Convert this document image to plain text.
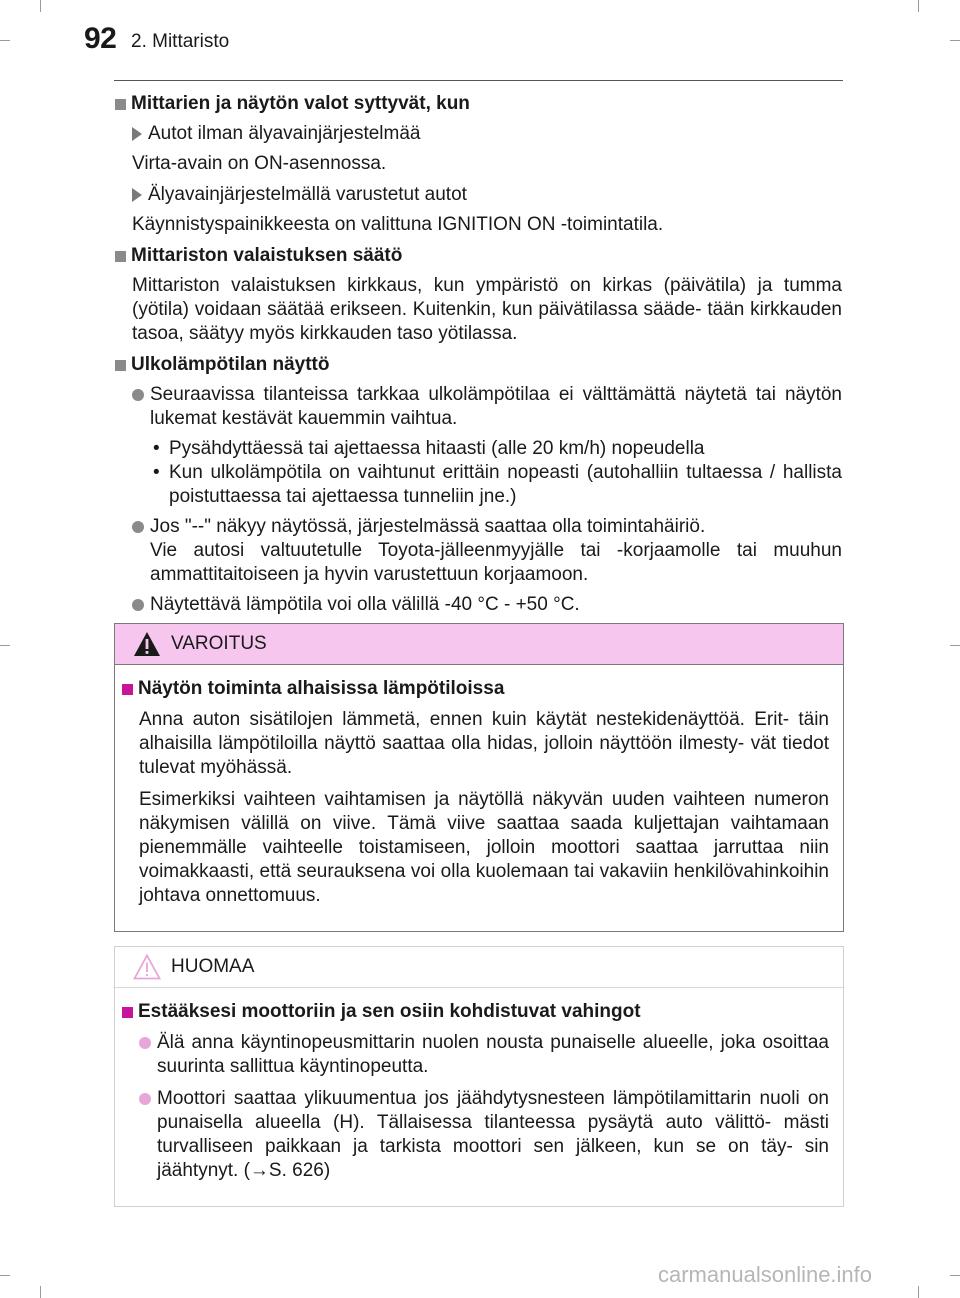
92 2. Mittaristo
Mittarien ja näytön valot syttyvät, kun
Autot ilman älyavainjärjestelmää
Virta-avain on ON-asennossa.
Älyavainjärjestelmällä varustetut autot
Käynnistyspainikkeesta on valittuna IGNITION ON -toimintatila.
Mittariston valaistuksen säätö
Mittariston valaistuksen kirkkaus, kun ympäristö on kirkas (päivätila) ja tumma (yötila) voidaan säätää erikseen. Kuitenkin, kun päivätilassa sääde- tään kirkkauden tasoa, säätyy myös kirkkauden taso yötilassa.
Ulkolämpötilan näyttö
Seuraavissa tilanteissa tarkkaa ulkolämpötilaa ei välttämättä näytetä tai näytön lukemat kestävät kauemmin vaihtua.
• Pysähdyttäessä tai ajettaessa hitaasti (alle 20 km/h) nopeudella
• Kun ulkolämpötila on vaihtunut erittäin nopeasti (autohalliin tultaessa / hallista poistuttaessa tai ajettaessa tunneliin jne.)
Jos "--" näkyy näytössä, järjestelmässä saattaa olla toimintahäiriö.
Vie autosi valtuutetulle Toyota-jälleenmyyjälle tai -korjaamolle tai muuhun ammattitaitoiseen ja hyvin varustettuun korjaamoon.
Näytettävä lämpötila voi olla välillä -40 °C - +50 °C.
VAROITUS
Näytön toiminta alhaisissa lämpötiloissa
Anna auton sisätilojen lämmetä, ennen kuin käytät nestekidenäyttöä. Erit- täin alhaisilla lämpötiloilla näyttö saattaa olla hidas, jolloin näyttöön ilmesty- vät tiedot tulevat myöhässä.
Esimerkiksi vaihteen vaihtamisen ja näytöllä näkyvän uuden vaihteen numeron näkymisen välillä on viive. Tämä viive saattaa saada kuljettajan vaihtamaan pienemmälle vaihteelle toistamiseen, jolloin moottori saattaa jarruttaa niin voimakkaasti, että seurauksena voi olla kuolemaan tai vakaviin henkilövahinkoihin johtava onnettomuus.
HUOMAA
Estääksesi moottoriin ja sen osiin kohdistuvat vahingot
Älä anna käyntinopeusmittarin nuolen nousta punaiselle alueelle, joka osoittaa suurinta sallittua käyntinopeutta.
Moottori saattaa ylikuumentua jos jäähdytysnesteen lämpötilamittarin nuoli on punaisella alueella (H). Tällaisessa tilanteessa pysäytä auto välittö- mästi turvalliseen paikkaan ja tarkista moottori sen jälkeen, kun se on täy- sin jäähtynyt. (→S. 626)
carmanualsonline.info
